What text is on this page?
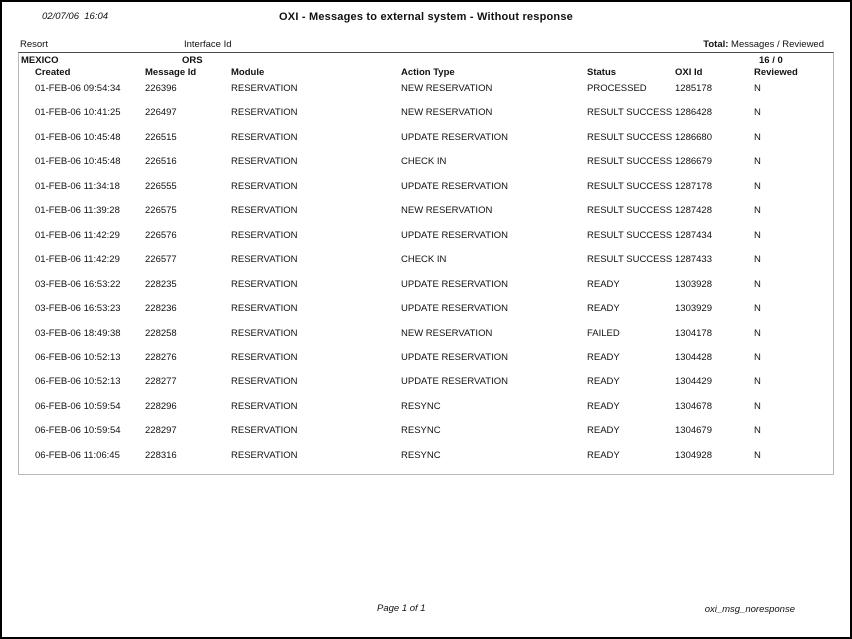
02/07/06  16:04	OXI - Messages to external system - Without response
Resort	Interface Id	Total: Messages / Reviewed
MEXICO	ORS	16 / 0
Created	Message Id	Module	Action Type	Status	OXI Id	Reviewed
01-FEB-06 09:54:34	226396	RESERVATION	NEW RESERVATION	PROCESSED	1285178	N
01-FEB-06 10:41:25	226497	RESERVATION	NEW RESERVATION	RESULT SUCCESS 1286428	N
01-FEB-06 10:45:48	226515	RESERVATION	UPDATE RESERVATION	RESULT SUCCESS 1286680	N
01-FEB-06 10:45:48	226516	RESERVATION	CHECK IN	RESULT SUCCESS 1286679	N
01-FEB-06 11:34:18	226555	RESERVATION	UPDATE RESERVATION	RESULT SUCCESS 1287178	N
01-FEB-06 11:39:28	226575	RESERVATION	NEW RESERVATION	RESULT SUCCESS 1287428	N
01-FEB-06 11:42:29	226576	RESERVATION	UPDATE RESERVATION	RESULT SUCCESS 1287434	N
01-FEB-06 11:42:29	226577	RESERVATION	CHECK IN	RESULT SUCCESS 1287433	N
03-FEB-06 16:53:22	228235	RESERVATION	UPDATE RESERVATION	READY	1303928	N
03-FEB-06 16:53:23	228236	RESERVATION	UPDATE RESERVATION	READY	1303929	N
03-FEB-06 18:49:38	228258	RESERVATION	NEW RESERVATION	FAILED	1304178	N
06-FEB-06 10:52:13	228276	RESERVATION	UPDATE RESERVATION	READY	1304428	N
06-FEB-06 10:52:13	228277	RESERVATION	UPDATE RESERVATION	READY	1304429	N
06-FEB-06 10:59:54	228296	RESERVATION	RESYNC	READY	1304678	N
06-FEB-06 10:59:54	228297	RESERVATION	RESYNC	READY	1304679	N
06-FEB-06 11:06:45	228316	RESERVATION	RESYNC	READY	1304928	N
Page 1 of 1	oxi_msg_noresponse
